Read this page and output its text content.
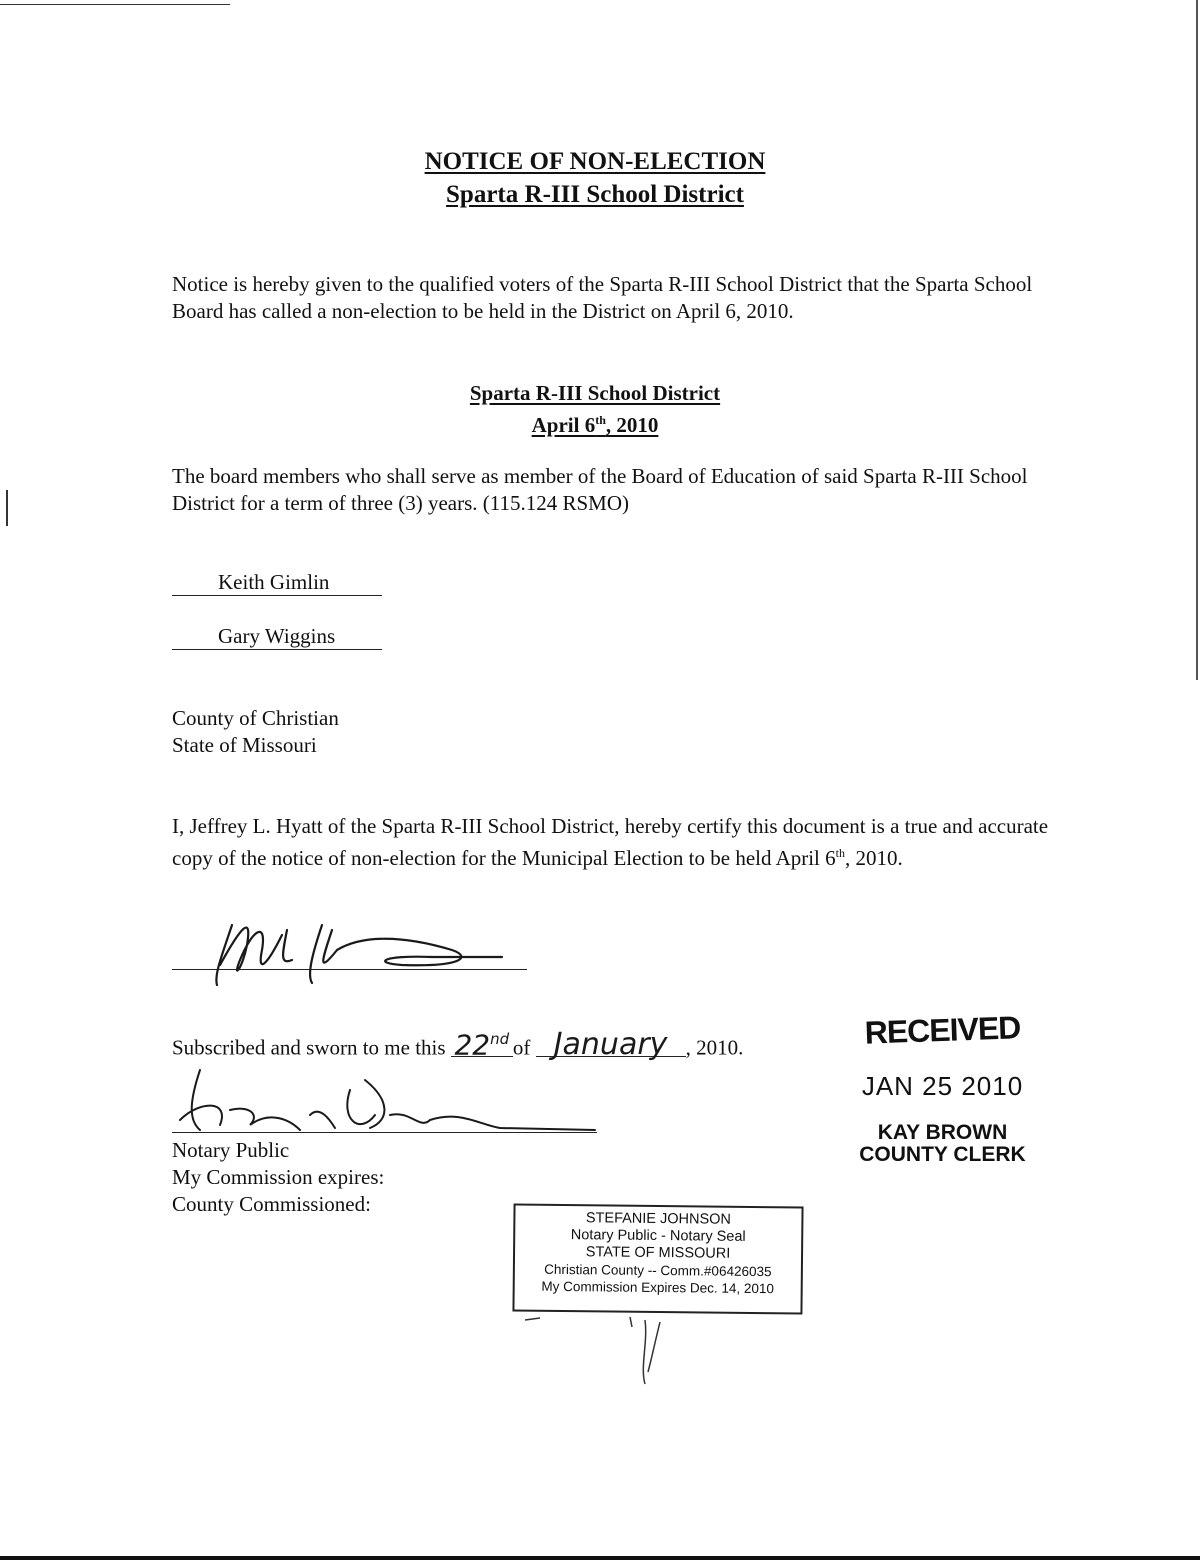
NOTICE OF NON-ELECTION
Sparta R-III School District
Notice is hereby given to the qualified voters of the Sparta R-III School District that the Sparta School Board has called a non-election to be held in the District on April 6, 2010.
Sparta R-III School District
April 6th, 2010
The board members who shall serve as member of the Board of Education of said Sparta R-III School District for a term of three (3) years. (115.124 RSMO)
Keith Gimlin
Gary Wiggins
County of Christian
State of Missouri
I, Jeffrey L. Hyatt of the Sparta R-III School District, hereby certify this document is a true and accurate copy of the notice of non-election for the Municipal Election to be held April 6th, 2010.
Subscribed and sworn to me this 22nd of January , 2010.
Notary Public
My Commission expires:
County Commissioned:
STEFANIE JOHNSON
Notary Public - Notary Seal
STATE OF MISSOURI
Christian County -- Comm.#06426035
My Commission Expires Dec. 14, 2010
RECEIVED
JAN 25 2010
KAY BROWN
COUNTY CLERK
